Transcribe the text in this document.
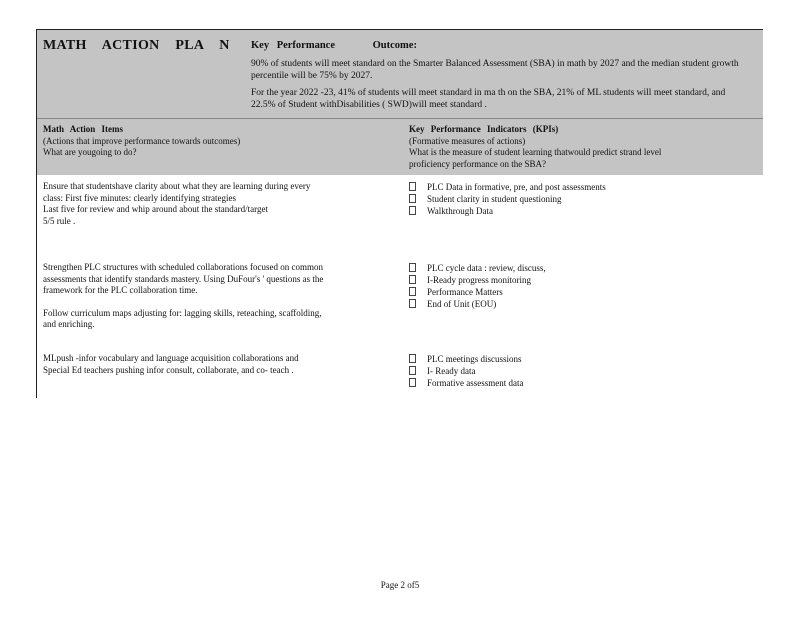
MATH ACTION PLA N Key Performance	Outcome:
90% of students will meet standard on the Smarter Balanced Assessment (SBA) in math by 2027 and the median student growth percentile will be 75% by 2027.
For the year 2022 -23, 41% of students will meet standard in ma th on the SBA, 21% of ML students will meet standard, and 22.5% of Student withDisabilities ( SWD)will meet standard .
Math Action Items
(Actions that improve performance towards outcomes)
What are yougoing to do?
Key Performance Indicators (KPIs)
(Formative measures of actions)
What is the measure of student learning thatwould predict strand level
proficiency performance on the SBA?
Ensure that studentshave clarity about what they are learning during every
class: First five minutes: clearly identifying strategies
Last five for review and whip around about the standard/target
5/5 rule .
PLC Data in formative, pre, and post assessments
Student clarity in student questioning
Walkthrough Data
Strengthen PLC structures with scheduled collaborations focused on common
assessments that identify standards mastery. Using DuFour's ' questions as the
framework for the PLC collaboration time.
Follow curriculum maps adjusting for: lagging skills, reteaching, scaffolding,
and enriching.
PLC cycle data : review, discuss,
I-Ready progress monitoring
Performance Matters
End of Unit (EOU)
MLpush -infor vocabulary and language acquisition collaborations and
Special Ed teachers pushing infor consult, collaborate, and co- teach .
PLC meetings discussions
I- Ready data
Formative assessment data
Page 2 of5
